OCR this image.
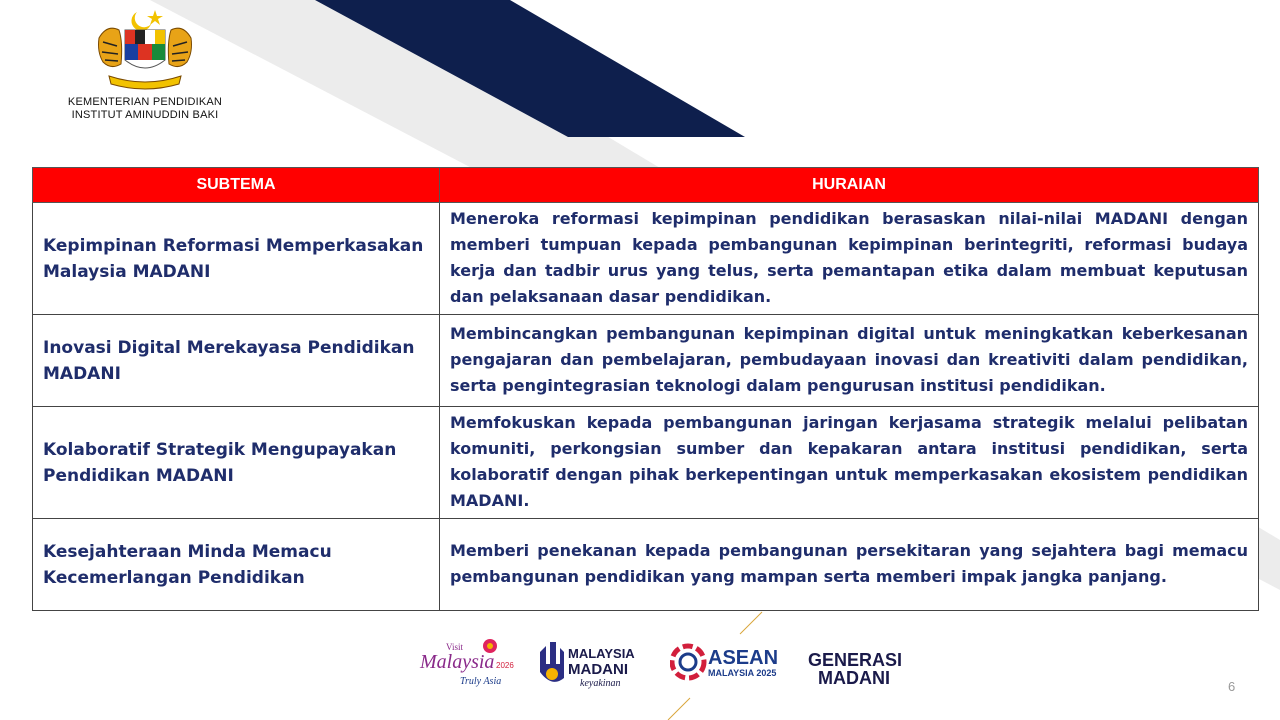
KEMENTERIAN PENDIDIKAN
INSTITUT AMINUDDIN BAKI
SUBTEMA	HURAIAN
Kepimpinan Reformasi Memperkasakan Malaysia MADANI	Meneroka reformasi kepimpinan pendidikan berasaskan nilai-nilai MADANI dengan memberi tumpuan kepada pembangunan kepimpinan berintegriti, reformasi budaya kerja dan tadbir urus yang telus, serta pemantapan etika dalam membuat keputusan dan pelaksanaan dasar pendidikan.
Inovasi Digital Merekayasa Pendidikan MADANI	Membincangkan pembangunan kepimpinan digital untuk meningkatkan keberkesanan pengajaran dan pembelajaran, pembudayaan inovasi dan kreativiti dalam pendidikan, serta pengintegrasian teknologi dalam pengurusan institusi pendidikan.
Kolaboratif Strategik Mengupayakan Pendidikan MADANI	Memfokuskan kepada pembangunan jaringan kerjasama strategik melalui pelibatan komuniti, perkongsian sumber dan kepakaran antara institusi pendidikan, serta kolaboratif dengan pihak berkepentingan untuk memperkasakan ekosistem pendidikan MADANI.
Kesejahteraan Minda Memacu Kecemerlangan Pendidikan	Memberi penekanan kepada pembangunan persekitaran yang sejahtera bagi memacu pembangunan pendidikan yang mampan serta memberi impak jangka panjang.
Visit
Malaysia 2026
Truly Asia
MALAYSIA
MADANI
keyakinan
ASEAN
MALAYSIA 2025
GENERASI
MADANI	6
